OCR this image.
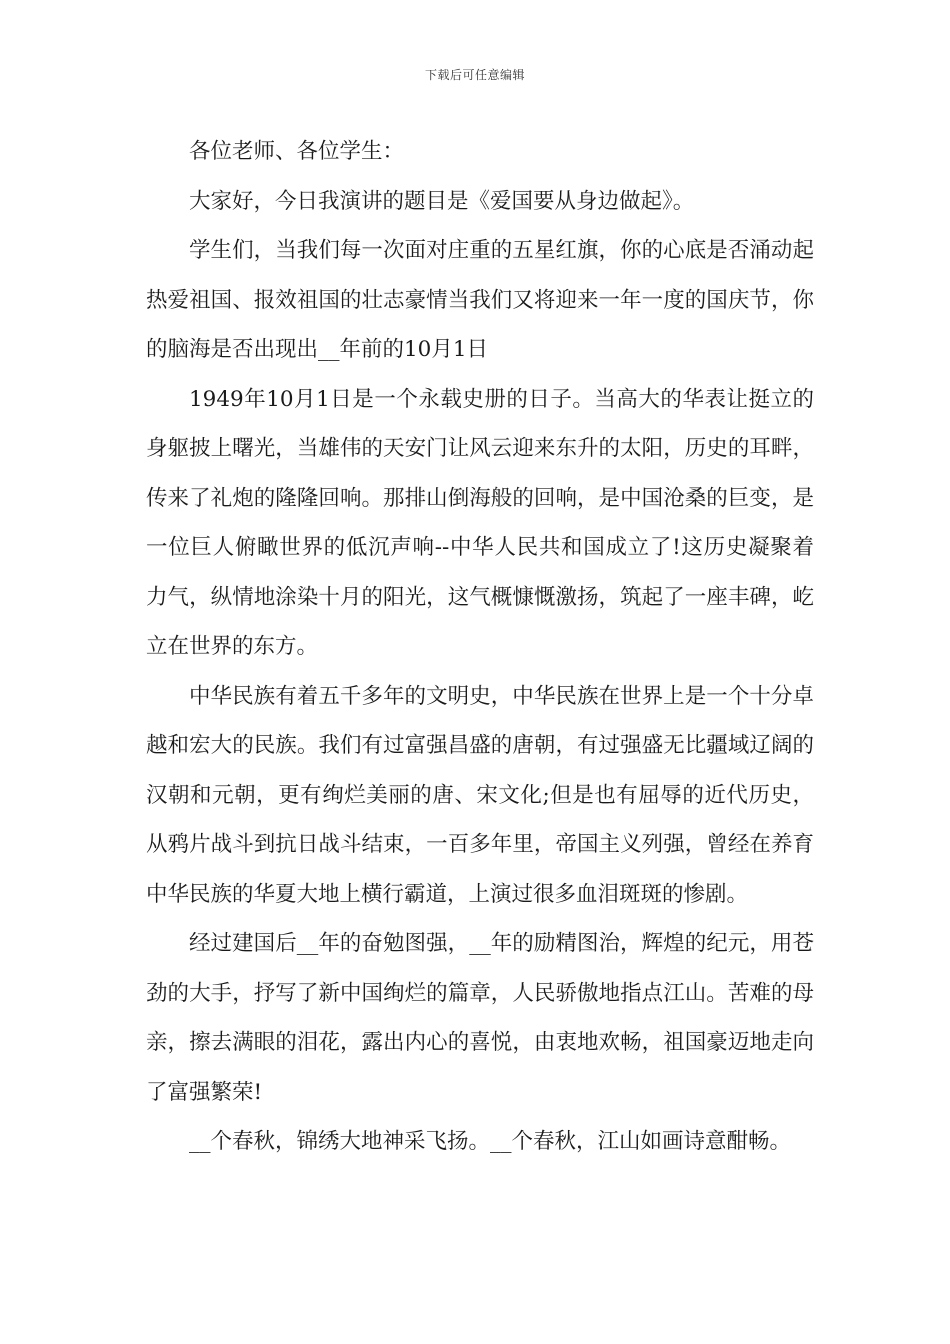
下载后可任意编辑

各位老师、各位学生：

大家好，今日我演讲的题目是《爱国要从身边做起》。

学生们，当我们每一次面对庄重的五星红旗，你的心底是否涌动起热爱祖国、报效祖国的壮志豪情当我们又将迎来一年一度的国庆节，你的脑海是否出现出__年前的10月1日

1949年10月1日是一个永载史册的日子。当高大的华表让挺立的身躯披上曙光，当雄伟的天安门让风云迎来东升的太阳，历史的耳畔，传来了礼炮的隆隆回响。那排山倒海般的回响，是中国沧桑的巨变，是一位巨人俯瞰世界的低沉声响--中华人民共和国成立了!这历史凝聚着力气，纵情地涂染十月的阳光，这气概慷慨激扬，筑起了一座丰碑，屹立在世界的东方。

中华民族有着五千多年的文明史，中华民族在世界上是一个十分卓越和宏大的民族。我们有过富强昌盛的唐朝，有过强盛无比疆域辽阔的汉朝和元朝，更有绚烂美丽的唐、宋文化;但是也有屈辱的近代历史，从鸦片战斗到抗日战斗结束，一百多年里，帝国主义列强，曾经在养育中华民族的华夏大地上横行霸道，上演过很多血泪斑斑的惨剧。

经过建国后__年的奋勉图强，__年的励精图治，辉煌的纪元，用苍劲的大手，抒写了新中国绚烂的篇章，人民骄傲地指点江山。苦难的母亲，擦去满眼的泪花，露出内心的喜悦，由衷地欢畅，祖国豪迈地走向了富强繁荣!

__个春秋，锦绣大地神采飞扬。__个春秋，江山如画诗意酣畅。
